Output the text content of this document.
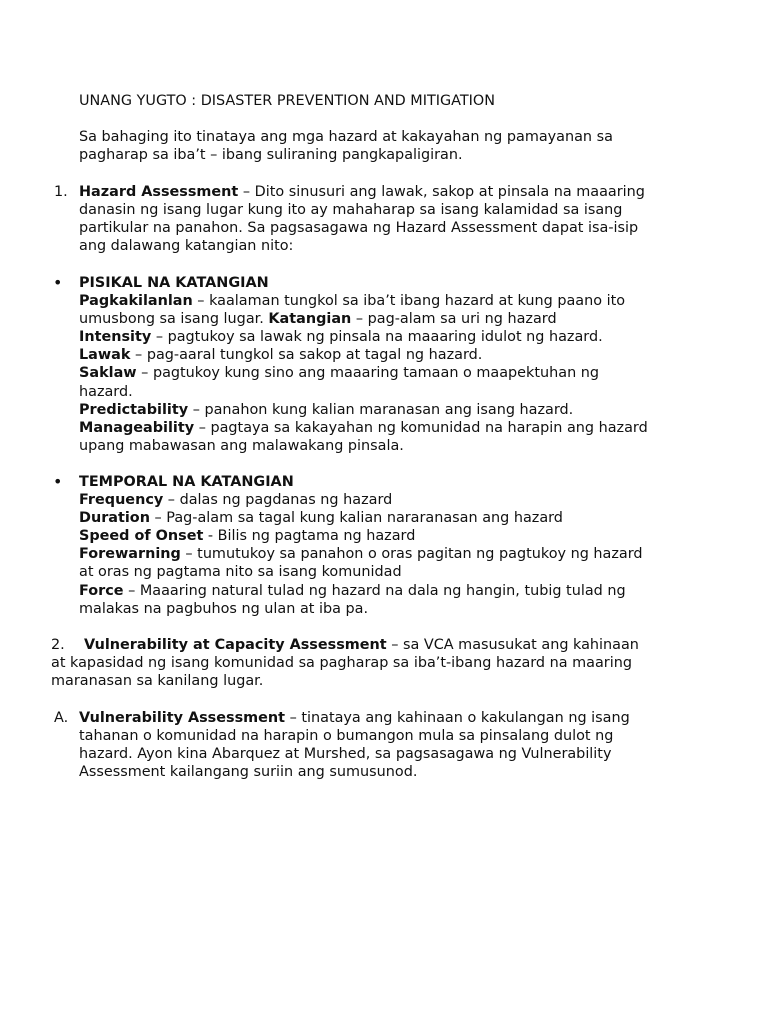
UNANG YUGTO : DISASTER PREVENTION AND MITIGATION
Sa bahaging ito tinataya ang mga hazard at kakayahan ng pamayanan sa
pagharap sa iba’t – ibang suliraning pangkapaligiran.
1. Hazard Assessment – Dito sinusuri ang lawak, sakop at pinsala na maaaring
danasin ng isang lugar kung ito ay mahaharap sa isang kalamidad sa isang
partikular na panahon. Sa pagsasagawa ng Hazard Assessment dapat isa-isip
ang dalawang katangian nito:
•	PISIKAL NA KATANGIAN
Pagkakilanlan – kaalaman tungkol sa iba’t ibang hazard at kung paano ito
umusbong sa isang lugar. Katangian – pag-alam sa uri ng hazard
Intensity – pagtukoy sa lawak ng pinsala na maaaring idulot ng hazard.
Lawak – pag-aaral tungkol sa sakop at tagal ng hazard.
Saklaw – pagtukoy kung sino ang maaaring tamaan o maapektuhan ng
hazard.
Predictability – panahon kung kalian maranasan ang isang hazard.
Manageability – pagtaya sa kakayahan ng komunidad na harapin ang hazard
upang mabawasan ang malawakang pinsala.
•	TEMPORAL NA KATANGIAN
Frequency – dalas ng pagdanas ng hazard
Duration – Pag-alam sa tagal kung kalian nararanasan ang hazard
Speed of Onset - Bilis ng pagtama ng hazard
Forewarning – tumutukoy sa panahon o oras pagitan ng pagtukoy ng hazard
at oras ng pagtama nito sa isang komunidad
Force – Maaaring natural tulad ng hazard na dala ng hangin, tubig tulad ng
malakas na pagbuhos ng ulan at iba pa.
2. Vulnerability at Capacity Assessment – sa VCA masusukat ang kahinaan
at kapasidad ng isang komunidad sa pagharap sa iba’t-ibang hazard na maaring
maranasan sa kanilang lugar.
A. Vulnerability Assessment – tinataya ang kahinaan o kakulangan ng isang
tahanan o komunidad na harapin o bumangon mula sa pinsalang dulot ng
hazard. Ayon kina Abarquez at Murshed, sa pagsasagawa ng Vulnerability
Assessment kailangang suriin ang sumusunod.
